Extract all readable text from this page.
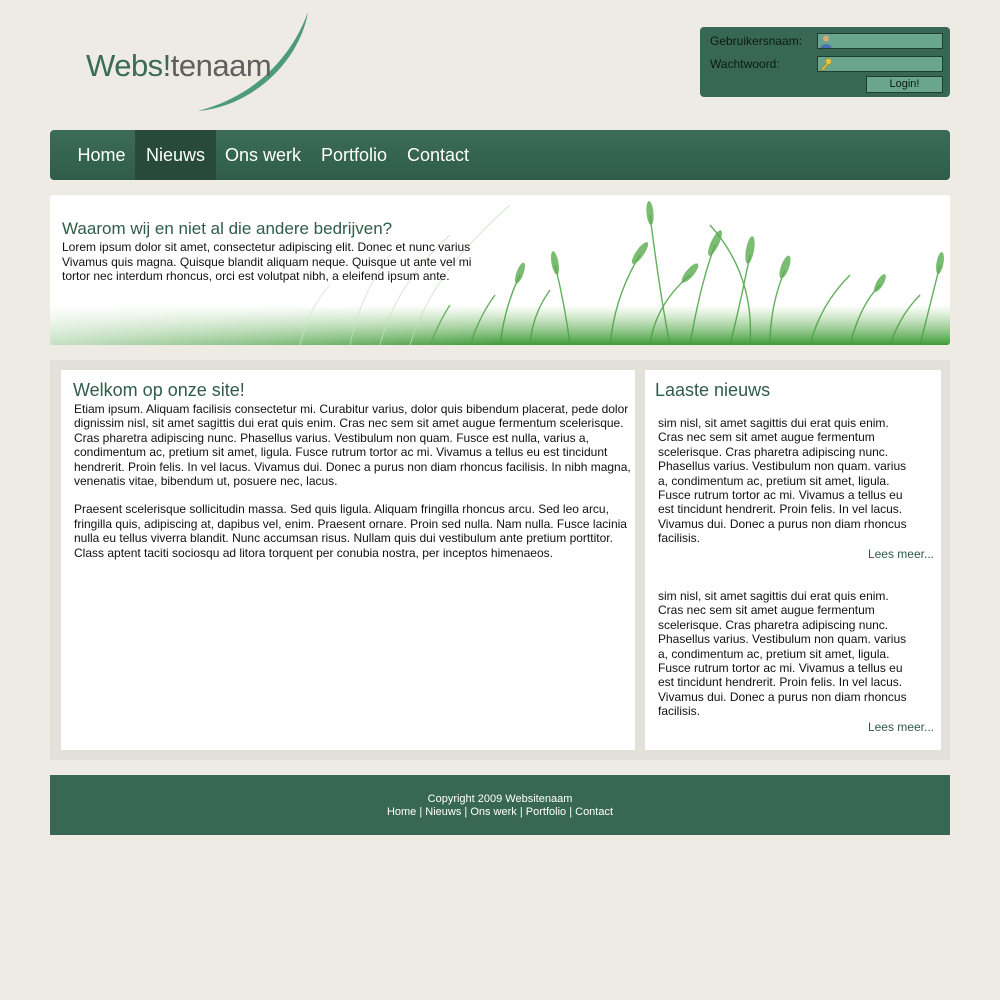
Webs!tenaam
Gebruikersnaam:
Wachtwoord:
Login!
Home	Nieuws	Ons werk	Portfolio	Contact
Waarom wij en niet al die andere bedrijven?
Lorem ipsum dolor sit amet, consectetur adipiscing elit. Donec et nunc varius Vivamus quis magna. Quisque blandit aliquam neque. Quisque ut ante vel mi tortor nec interdum rhoncus, orci est volutpat nibh, a eleifend ipsum ante.
Welkom op onze site!

Etiam ipsum. Aliquam facilisis consectetur mi. Curabitur varius, dolor quis bibendum placerat, pede dolor dignissim nisl, sit amet sagittis dui erat quis enim. Cras nec sem sit amet augue fermentum scelerisque. Cras pharetra adipiscing nunc. Phasellus varius. Vestibulum non quam. Fusce est nulla, varius a, condimentum ac, pretium sit amet, ligula. Fusce rutrum tortor ac mi. Vivamus a tellus eu est tincidunt hendrerit. Proin felis. In vel lacus. Vivamus dui. Donec a purus non diam rhoncus facilisis. In nibh magna, venenatis vitae, bibendum ut, posuere nec, lacus.

Praesent scelerisque sollicitudin massa. Sed quis ligula. Aliquam fringilla rhoncus arcu. Sed leo arcu, fringilla quis, adipiscing at, dapibus vel, enim. Praesent ornare. Proin sed nulla. Nam nulla. Fusce lacinia nulla eu tellus viverra blandit. Nunc accumsan risus. Nullam quis dui vestibulum ante pretium porttitor. Class aptent taciti sociosqu ad litora torquent per conubia nostra, per inceptos himenaeos.

Laaste nieuws
sim nisl, sit amet sagittis dui erat quis enim. Cras nec sem sit amet augue fermentum scelerisque. Cras pharetra adipiscing nunc. Phasellus varius. Vestibulum non quam. varius a, condimentum ac, pretium sit amet, ligula. Fusce rutrum tortor ac mi. Vivamus a tellus eu est tincidunt hendrerit. Proin felis. In vel lacus. Vivamus dui. Donec a purus non diam rhoncus facilisis.
Lees meer...
sim nisl, sit amet sagittis dui erat quis enim. Cras nec sem sit amet augue fermentum scelerisque. Cras pharetra adipiscing nunc. Phasellus varius. Vestibulum non quam. varius a, condimentum ac, pretium sit amet, ligula. Fusce rutrum tortor ac mi. Vivamus a tellus eu est tincidunt hendrerit. Proin felis. In vel lacus. Vivamus dui. Donec a purus non diam rhoncus facilisis.
Lees meer...
Copyright 2009 Websitenaam
Home | Nieuws | Ons werk | Portfolio | Contact
